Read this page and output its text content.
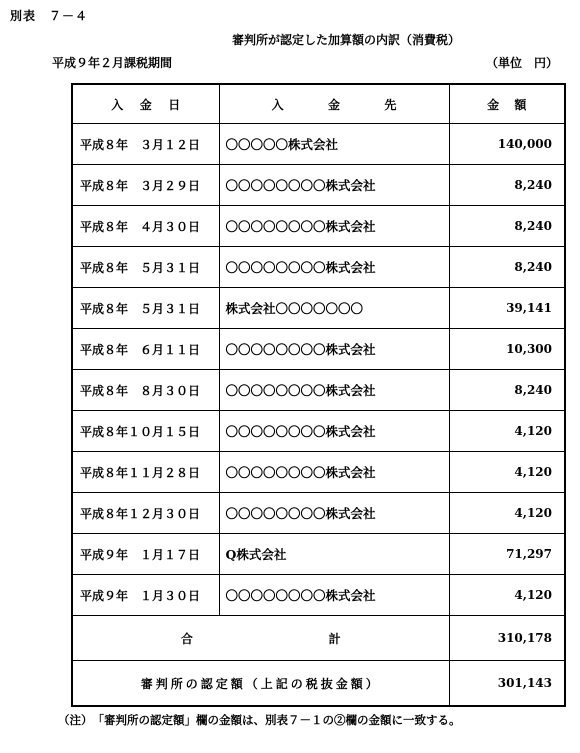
別表　７－４
審判所が認定した加算額の内訳（消費税）
平成９年２月課税期間	（単位　円）
入 金 日	入 金 先	金 額

平成８年　３月１２日	〇〇〇〇〇株式会社	140,000
平成８年　３月２９日	〇〇〇〇〇〇〇〇株式会社	8,240
平成８年　４月３０日	〇〇〇〇〇〇〇〇株式会社	8,240
平成８年　５月３１日	〇〇〇〇〇〇〇〇株式会社	8,240
平成８年　５月３１日	株式会社〇〇〇〇〇〇〇	39,141
平成８年　６月１１日	〇〇〇〇〇〇〇〇株式会社	10,300
平成８年　８月３０日	〇〇〇〇〇〇〇〇株式会社	8,240
平成８年１０月１５日	〇〇〇〇〇〇〇〇株式会社	4,120
平成８年１１月２８日	〇〇〇〇〇〇〇〇株式会社	4,120
平成８年１２月３０日	〇〇〇〇〇〇〇〇株式会社	4,120
平成９年　１月１７日	Q株式会社	71,297
平成９年　１月３０日	〇〇〇〇〇〇〇〇株式会社	4,120

合 計		310,178
審判所の認定額（上記の税抜金額）		301,143
（注）　「審判所の認定額」欄の金額は、別表７－１の②欄の金額に一致する。
